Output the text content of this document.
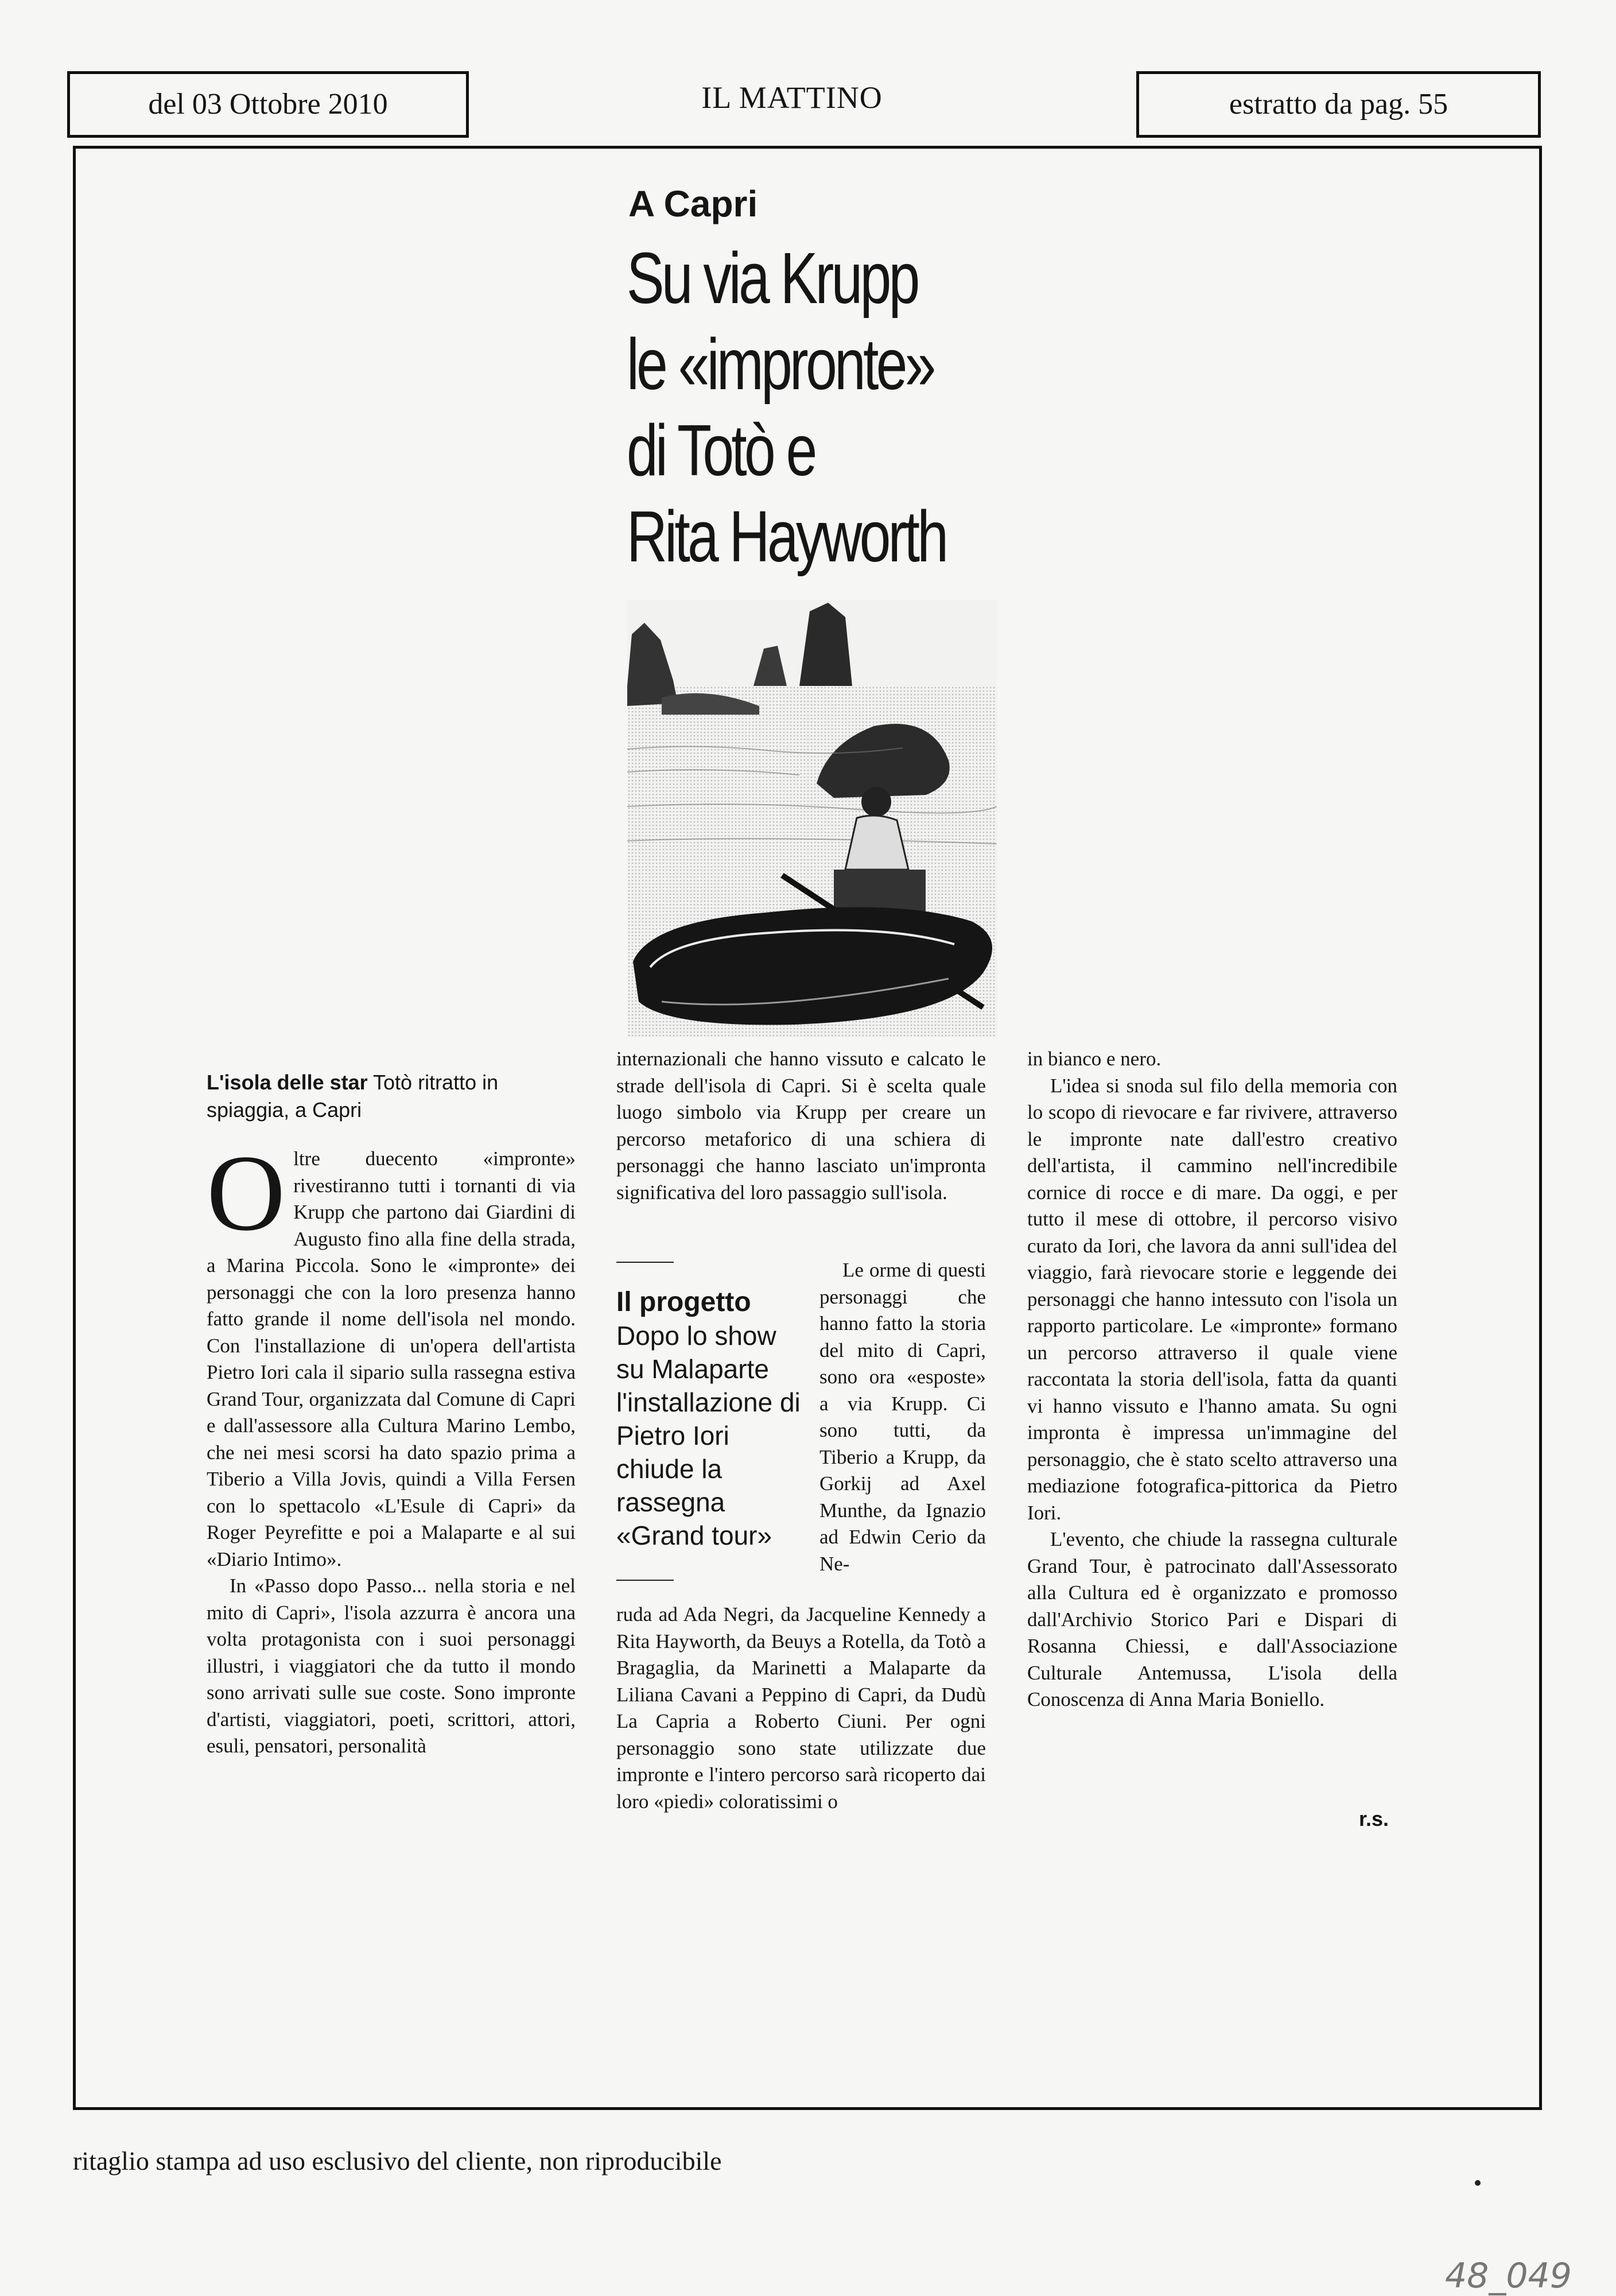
del 03 Ottobre 2010	IL MATTINO	estratto da pag. 55
A Capri
Su via Krupp
le «impronte»
di Totò e
Rita Hayworth
L'isola delle star Totò ritratto in spiaggia, a Capri

Oltre duecento «impronte» rivestiranno tutti i tornanti di via Krupp che partono dai Giardini di Augusto fino alla fine della strada, a Marina Piccola. Sono le «impronte» dei personaggi che con la loro presenza hanno fatto grande il nome dell'isola nel mondo. Con l'installazione di un'opera dell'artista Pietro Iori cala il sipario sulla rassegna estiva Grand Tour, organizzata dal Comune di Capri e dall'assessore alla Cultura Marino Lembo, che nei mesi scorsi ha dato spazio prima a Tiberio a Villa Jovis, quindi a Villa Fersen con lo spettacolo «L'Esule di Capri» da Roger Peyrefitte e poi a Malaparte e al sui «Diario Intimo».

In «Passo dopo Passo... nella storia e nel mito di Capri», l'isola azzurra è ancora una volta protagonista con i suoi personaggi illustri, i viaggiatori che da tutto il mondo sono arrivati sulle sue coste. Sono impronte d'artisti, viaggiatori, poeti, scrittori, attori, esuli, pensatori, personalità

internazionali che hanno vissuto e calcato le strade dell'isola di Capri. Si è scelta quale luogo simbolo via Krupp per creare un percorso metaforico di una schiera di personaggi che hanno lasciato un'impronta significativa del loro passaggio sull'isola.

Il progetto
Dopo lo show su Malaparte l'installazione di Pietro Iori chiude la rassegna «Grand tour»

Le orme di questi personaggi che hanno fatto la storia del mito di Capri, sono ora «esposte» a via Krupp. Ci sono tutti, da Tiberio a Krupp, da Gorkij ad Axel Munthe, da Ignazio ad Edwin Cerio da Ne-

ruda ad Ada Negri, da Jacqueline Kennedy a Rita Hayworth, da Beuys a Rotella, da Totò a Bragaglia, da Marinetti a Malaparte da Liliana Cavani a Peppino di Capri, da Dudù La Capria a Roberto Ciuni. Per ogni personaggio sono state utilizzate due impronte e l'intero percorso sarà ricoperto dai loro «piedi» coloratissimi o

in bianco e nero.

L'idea si snoda sul filo della memoria con lo scopo di rievocare e far rivivere, attraverso le impronte nate dall'estro creativo dell'artista, il cammino nell'incredibile cornice di rocce e di mare. Da oggi, e per tutto il mese di ottobre, il percorso visivo curato da Iori, che lavora da anni sull'idea del viaggio, farà rievocare storie e leggende dei personaggi che hanno intessuto con l'isola un rapporto particolare. Le «impronte» formano un percorso attraverso il quale viene raccontata la storia dell'isola, fatta da quanti vi hanno vissuto e l'hanno amata. Su ogni impronta è impressa un'immagine del personaggio, che è stato scelto attraverso una mediazione fotografica-pittorica da Pietro Iori.

L'evento, che chiude la rassegna culturale Grand Tour, è patrocinato dall'Assessorato alla Cultura ed è organizzato e promosso dall'Archivio Storico Pari e Dispari di Rosanna Chiessi, e dall'Associazione Culturale Antemussa, L'isola della Conoscenza di Anna Maria Boniello.

r.s.
ritaglio stampa ad uso esclusivo del cliente, non riproducibile
48_049
